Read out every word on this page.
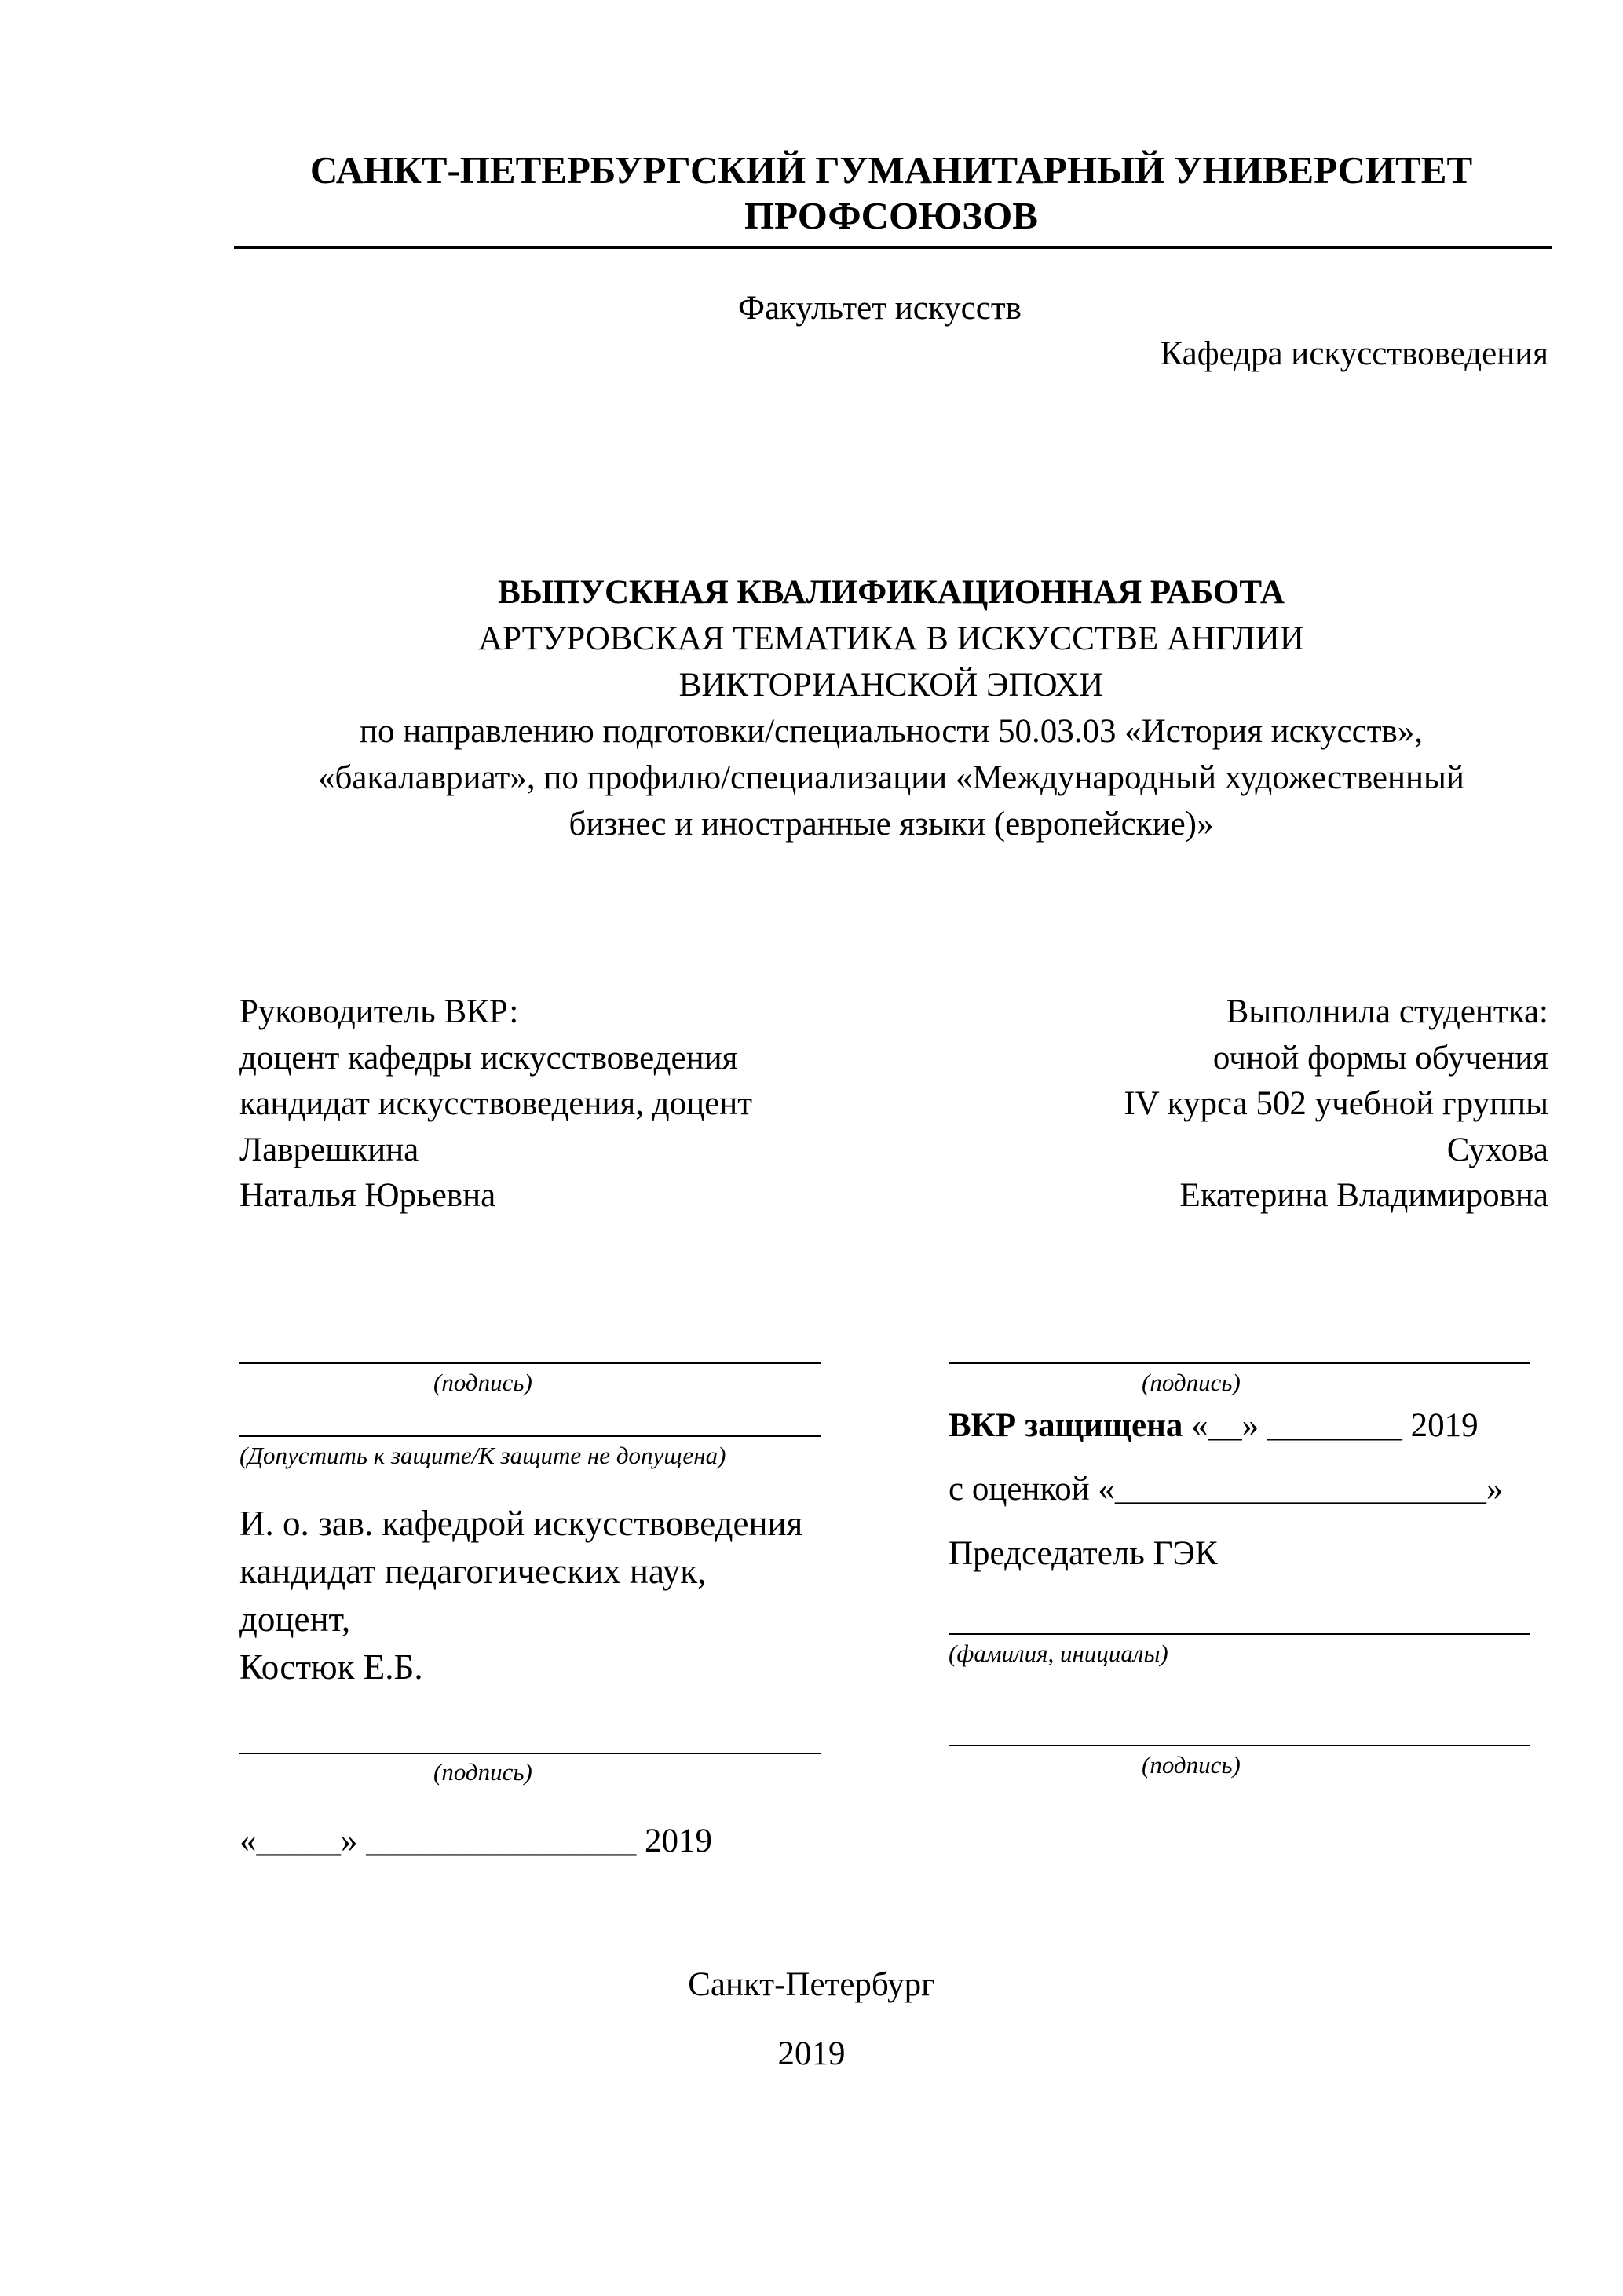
САНКТ-ПЕТЕРБУРГСКИЙ ГУМАНИТАРНЫЙ УНИВЕРСИТЕТ
ПРОФСОЮЗОВ
Факультет искусств
Кафедра искусствоведения
ВЫПУСКНАЯ КВАЛИФИКАЦИОННАЯ РАБОТА
АРТУРОВСКАЯ ТЕМАТИКА В ИСКУССТВЕ АНГЛИИ
ВИКТОРИАНСКОЙ ЭПОХИ
по направлению подготовки/специальности 50.03.03 «История искусств»,
«бакалавриат», по профилю/специализации «Международный художественный
бизнес и иностранные языки (европейские)»
Руководитель ВКР:
доцент кафедры искусствоведения
кандидат искусствоведения, доцент
Лаврешкина
Наталья Юрьевна
Выполнила студентка:
очной формы обучения
IV курса 502 учебной группы
Сухова
Екатерина Владимировна
(подпись)
(Допустить к защите/К защите не допущена)
И. о. зав. кафедрой искусствоведения
кандидат педагогических наук,
доцент,
Костюк Е.Б.
(подпись)
«_____» ________________ 2019
(подпись)
ВКР защищена «__» ________ 2019
с оценкой «______________________»
Председатель ГЭК
(фамилия, инициалы)
(подпись)
Санкт-Петербург
2019
